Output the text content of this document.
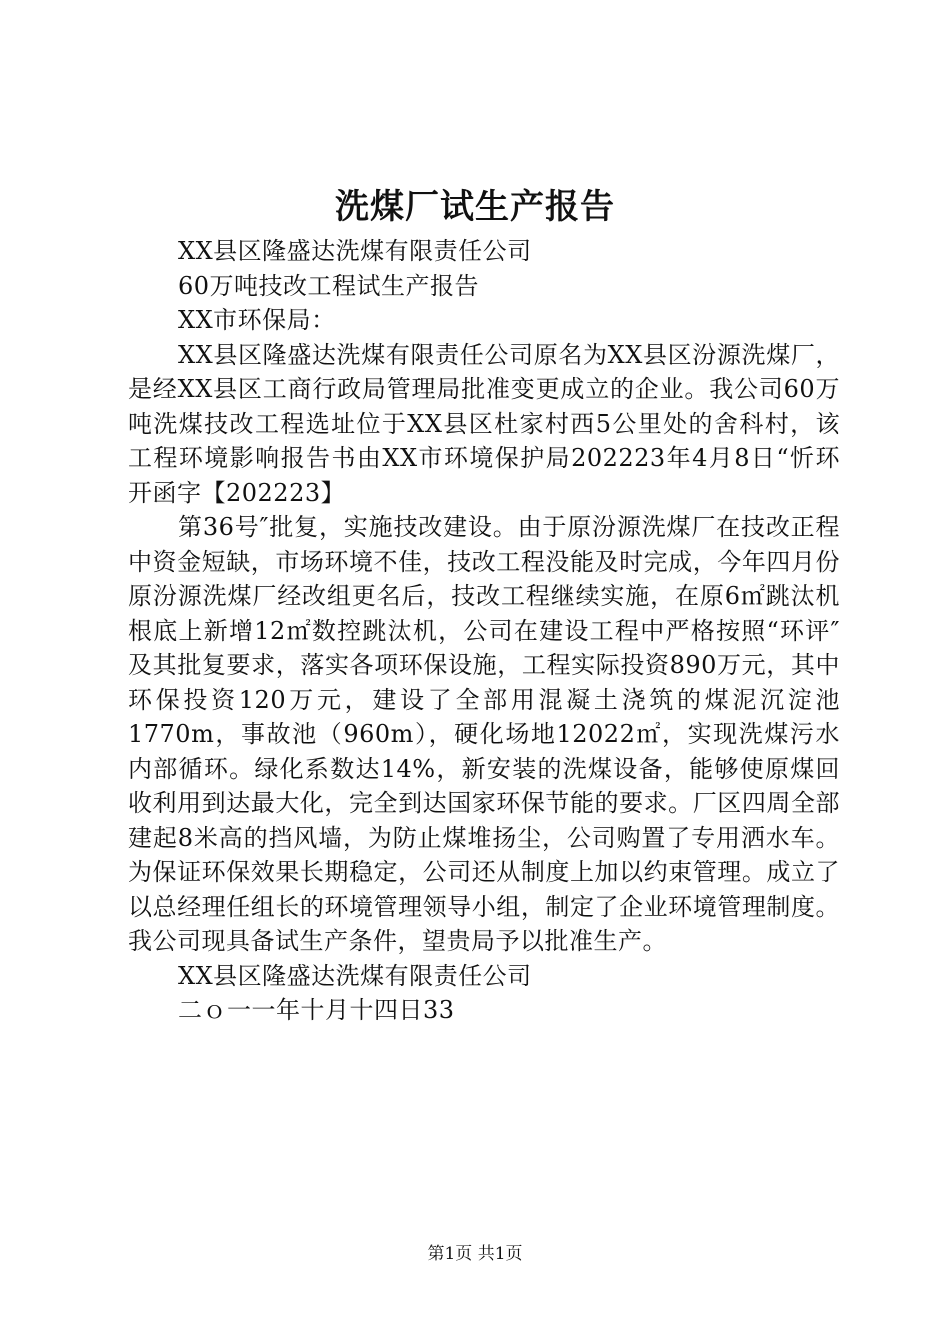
洗煤厂试生产报告
XX县区隆盛达洗煤有限责任公司
60万吨技改工程试生产报告
XX市环保局：
XX县区隆盛达洗煤有限责任公司原名为XX县区汾源洗煤厂，是经XX县区工商行政局管理局批准变更成立的企业。我公司60万吨洗煤技改工程选址位于XX县区杜家村西5公里处的舍科村，该工程环境影响报告书由XX市环境保护局202223年4月8日“忻环开函字【202223】
第36号″批复，实施技改建设。由于原汾源洗煤厂在技改正程中资金短缺，市场环境不佳，技改工程没能及时完成，今年四月份原汾源洗煤厂经改组更名后，技改工程继续实施，在原6㎡跳汰机根底上新增12㎡数控跳汰机，公司在建设工程中严格按照“环评″及其批复要求，落实各项环保设施，工程实际投资890万元，其中环保投资120万元，建设了全部用混凝土浇筑的煤泥沉淀池1770m，事故池（960m），硬化场地12022㎡，实现洗煤污水内部循环。绿化系数达14%，新安装的洗煤设备，能够使原煤回收利用到达最大化，完全到达国家环保节能的要求。厂区四周全部建起8米高的挡风墙，为防止煤堆扬尘，公司购置了专用洒水车。为保证环保效果长期稳定，公司还从制度上加以约束管理。成立了以总经理任组长的环境管理领导小组，制定了企业环境管理制度。我公司现具备试生产条件，望贵局予以批准生产。
XX县区隆盛达洗煤有限责任公司
二ｏ一一年十月十四日33
第1页 共1页
